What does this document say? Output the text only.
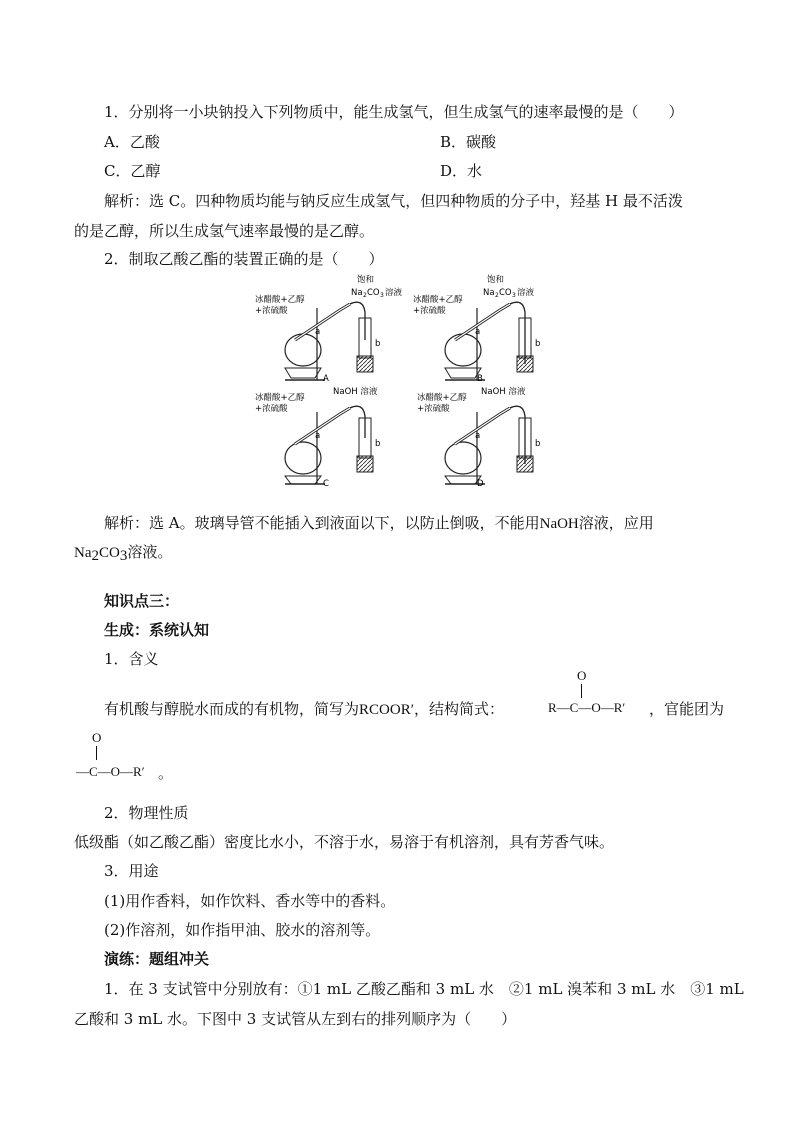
1．分别将一小块钠投入下列物质中，能生成氢气，但生成氢气的速率最慢的是（　　）
A．乙酸	B．碳酸
C．乙醇	D．水
解析：选 C。四种物质均能与钠反应生成氢气，但四种物质的分子中，羟基 H 最不活泼
的是乙醇，所以生成氢气速率最慢的是乙醇。
2．制取乙酸乙酯的装置正确的是（　　）
冰醋酸+乙醇
+浓硫酸
饱和
Na 2 CO 3 溶液
a
b
A
冰醋酸+乙醇
+浓硫酸
饱和
Na 2 CO 3 溶液
a
b
B
冰醋酸+乙醇
+浓硫酸
NaOH 溶液
a
b
C
冰醋酸+乙醇
+浓硫酸
NaOH 溶液
a
b
D
解析：选 A。玻璃导管不能插入到液面以下，以防止倒吸，不能用NaOH溶液，应用
Na2CO3溶液。
知识点三：
生成：系统认知
1．含义
有机酸与醇脱水而成的有机物，简写为RCOOR′，结构简式：
O
R—C—O—R′ ，官能团为
O
—C—O—R′ 。
2．物理性质
低级酯（如乙酸乙酯）密度比水小，不溶于水，易溶于有机溶剂，具有芳香气味。
3．用途
(1)用作香料，如作饮料、香水等中的香料。
(2)作溶剂，如作指甲油、胶水的溶剂等。
演练：题组冲关
1．在 3 支试管中分别放有：①1 mL 乙酸乙酯和 3 mL 水　②1 mL 溴苯和 3 mL 水　③1 mL
乙酸和 3 mL 水。下图中 3 支试管从左到右的排列顺序为（　　）
